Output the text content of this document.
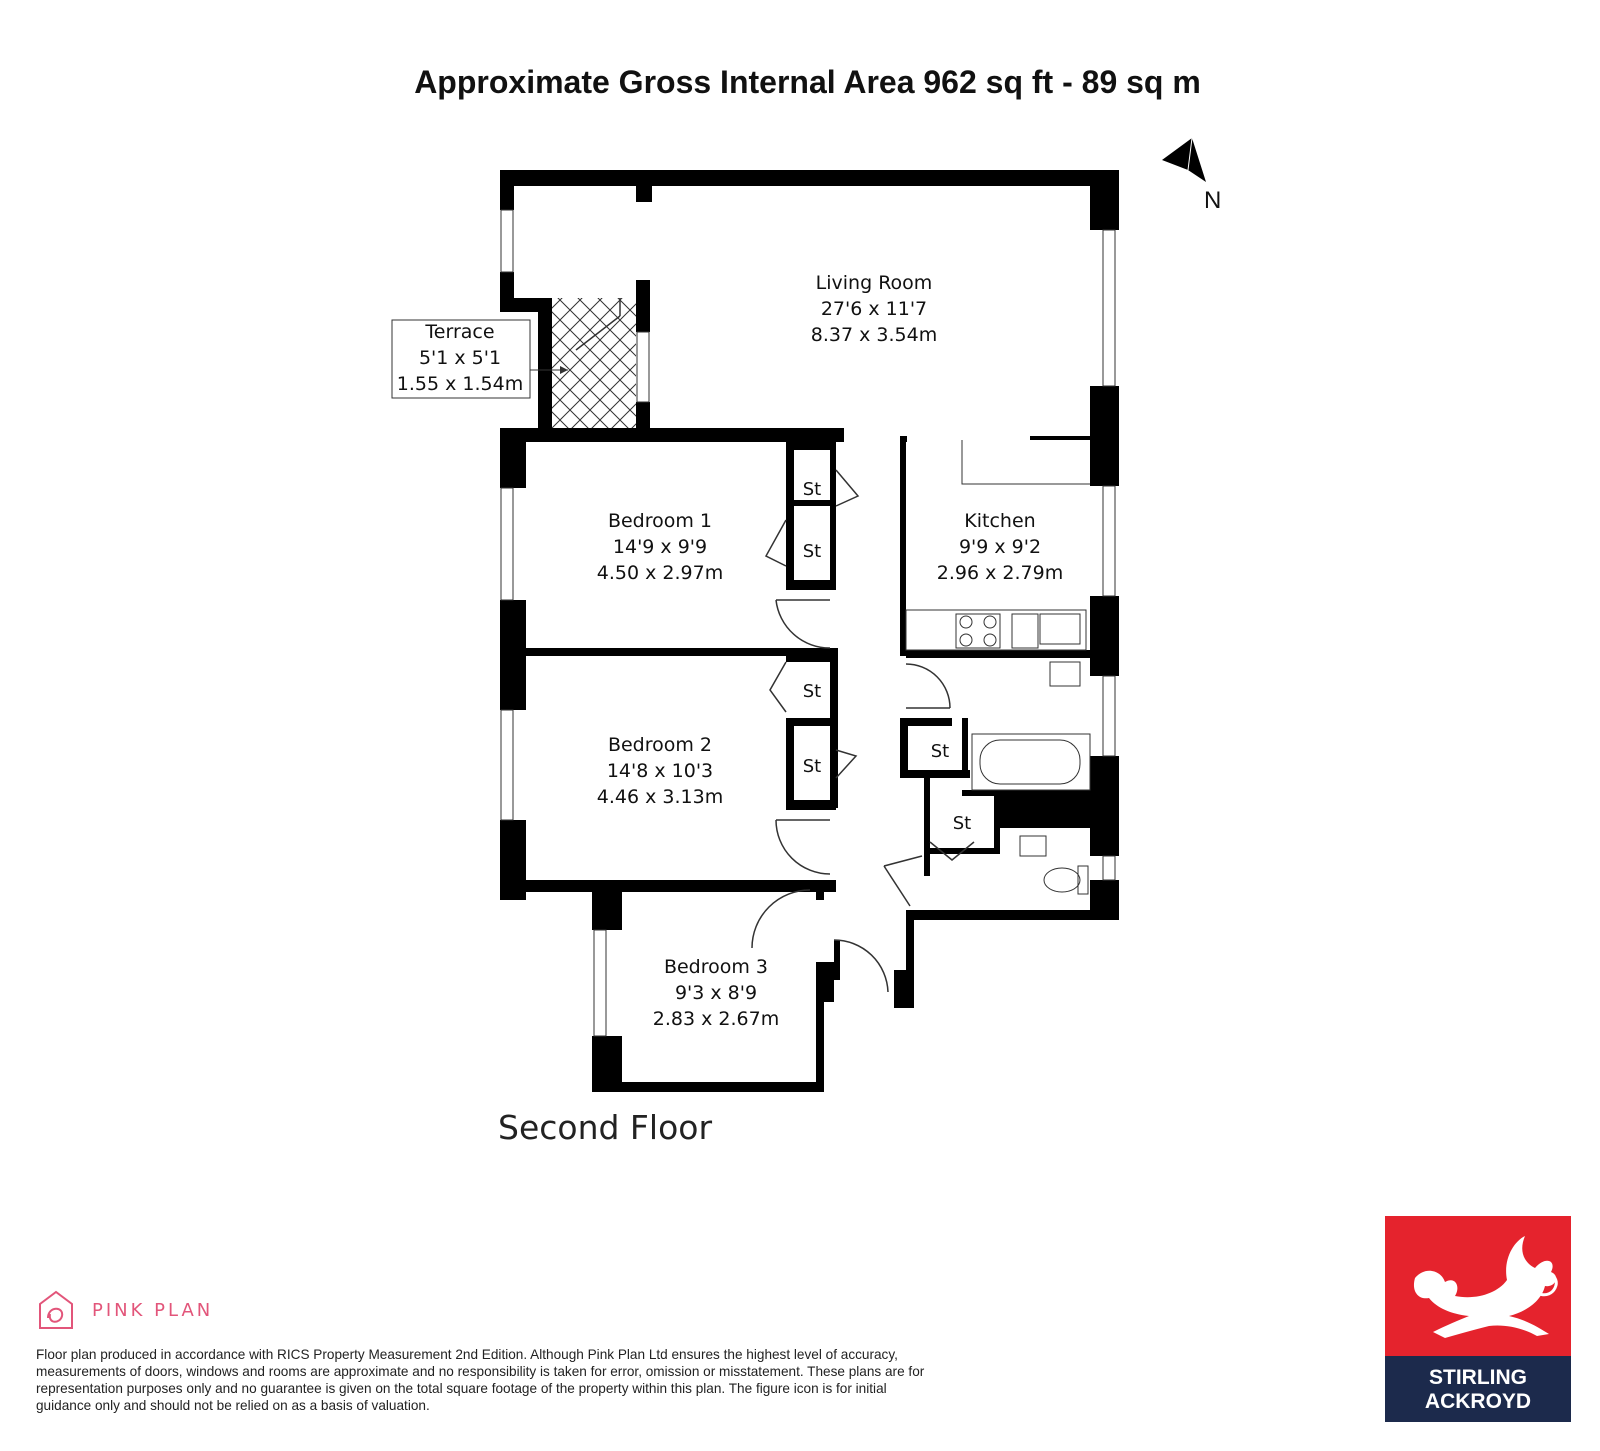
Approximate Gross Internal Area 962 sq ft - 89 sq m
N
Living Room
27'6 x 11'7
8.37 x 3.54m
Terrace
5'1 x 5'1
1.55 x 1.54m
Bedroom 1
14'9 x 9'9
4.50 x 2.97m
Kitchen
9'9 x 9'2
2.96 x 2.79m
Bedroom 2
14'8 x 10'3
4.46 x 3.13m
Bedroom 3
9'3 x 8'9
2.83 x 2.67m
St
St
St
St
St
St
Second Floor
PINK PLAN
Floor plan produced in accordance with RICS Property Measurement 2nd Edition. Although Pink Plan Ltd ensures the highest level of accuracy, measurements of doors, windows and rooms are approximate and no responsibility is taken for error, omission or misstatement. These plans are for representation purposes only and no guarantee is given on the total square footage of the property within this plan. The figure icon is for initial guidance only and should not be relied on as a basis of valuation.
STIRLING
ACKROYD
